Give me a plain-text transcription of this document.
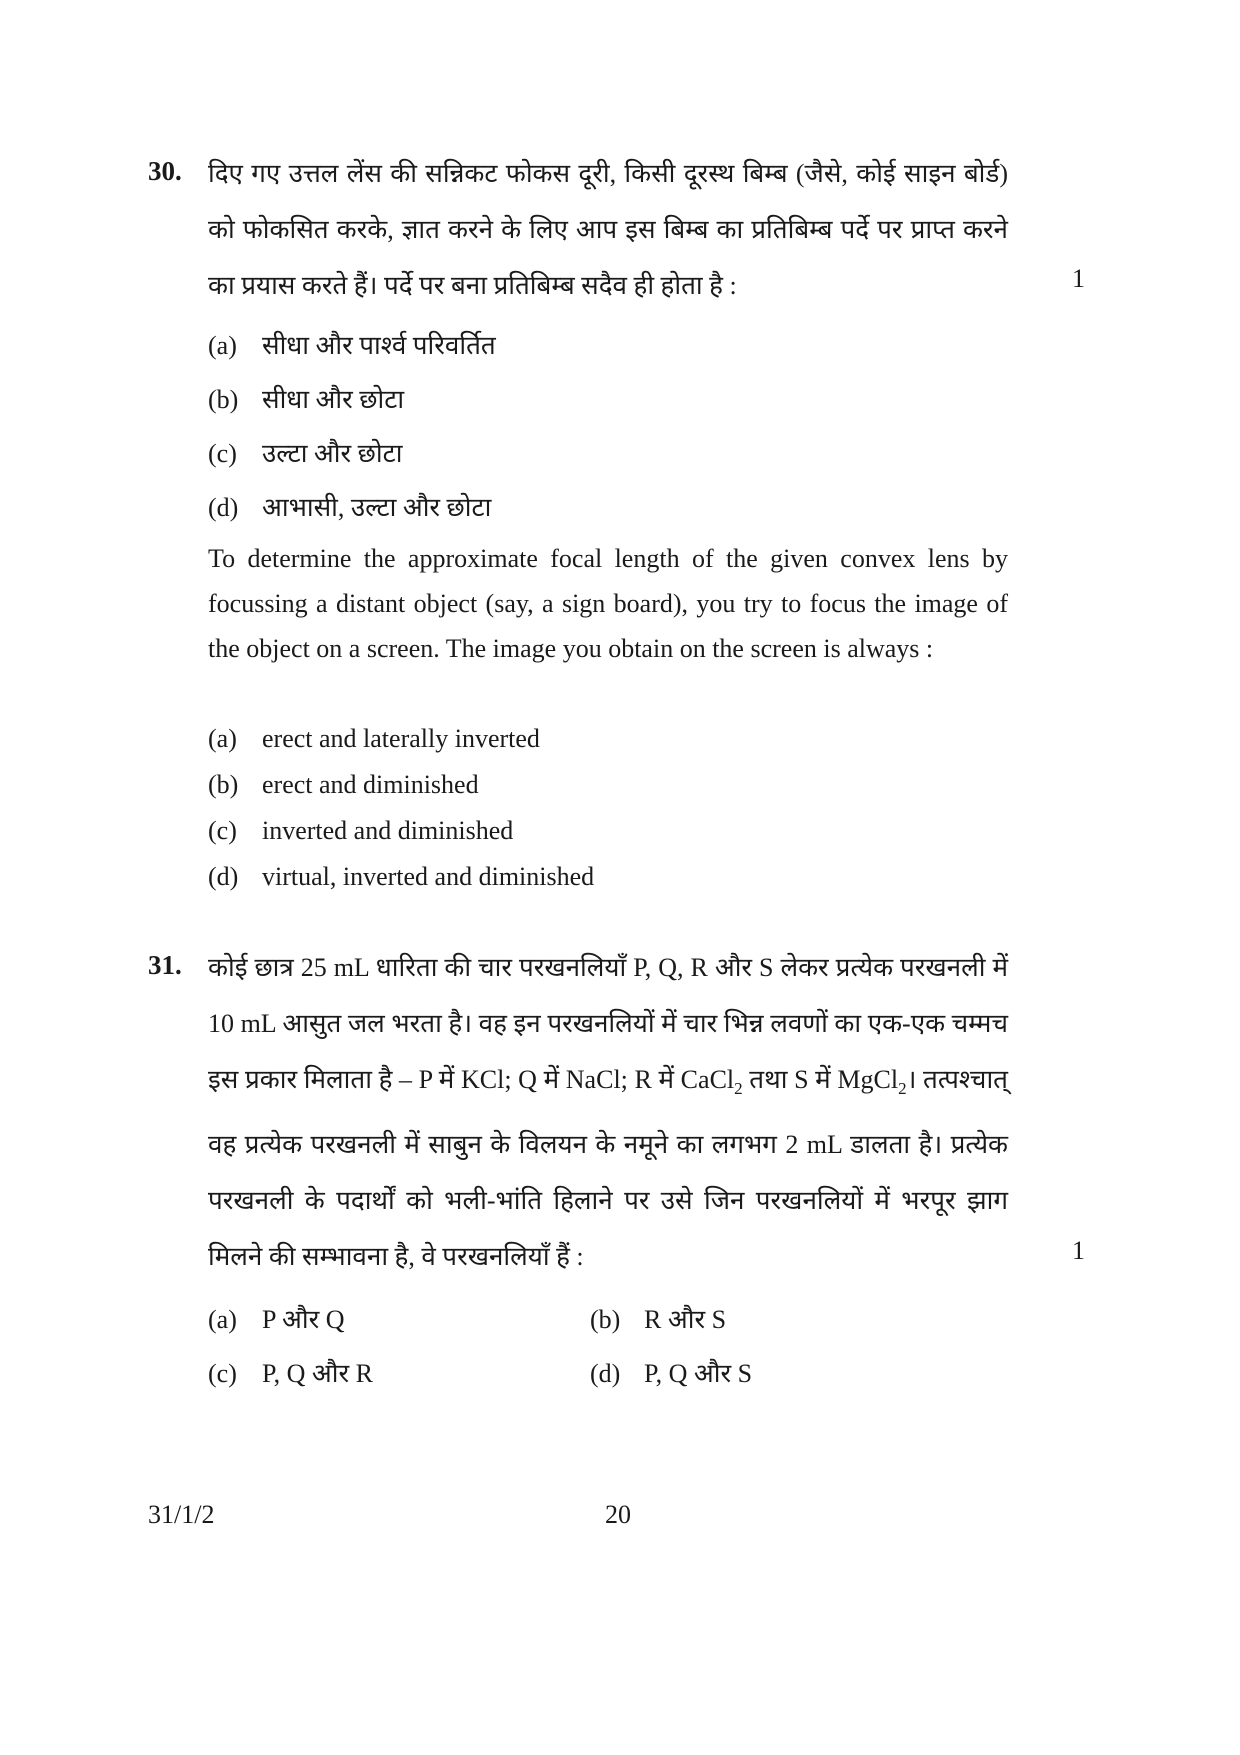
30. दिए गए उत्तल लेंस की सन्निकट फोकस दूरी, किसी दूरस्थ बिम्ब (जैसे, कोई साइन बोर्ड) को फोकसित करके, ज्ञात करने के लिए आप इस बिम्ब का प्रतिबिम्ब पर्दे पर प्राप्त करने का प्रयास करते हैं। पर्दे पर बना प्रतिबिम्ब सदैव ही होता है :	1
(a) सीधा और पार्श्व परिवर्तित
(b) सीधा और छोटा
(c) उल्टा और छोटा
(d) आभासी, उल्टा और छोटा
To determine the approximate focal length of the given convex lens by focussing a distant object (say, a sign board), you try to focus the image of the object on a screen. The image you obtain on the screen is always :
(a) erect and laterally inverted
(b) erect and diminished
(c) inverted and diminished
(d) virtual, inverted and diminished
31. कोई छात्र 25 mL धारिता की चार परखनलियाँ P, Q, R और S लेकर प्रत्येक परखनली में 10 mL आसुत जल भरता है। वह इन परखनलियों में चार भिन्न लवणों का एक-एक चम्मच इस प्रकार मिलाता है – P में KCl; Q में NaCl; R में CaCl$_2$ तथा S में MgCl$_2$। तत्पश्चात् वह प्रत्येक परखनली में साबुन के विलयन के नमूने का लगभग 2 mL डालता है। प्रत्येक परखनली के पदार्थों को भली-भांति हिलाने पर उसे जिन परखनलियों में भरपूर झाग मिलने की सम्भावना है, वे परखनलियाँ हैं :	1
(a) P और Q	(b) R और S
(c) P, Q और R	(d) P, Q और S
31/1/2	20
